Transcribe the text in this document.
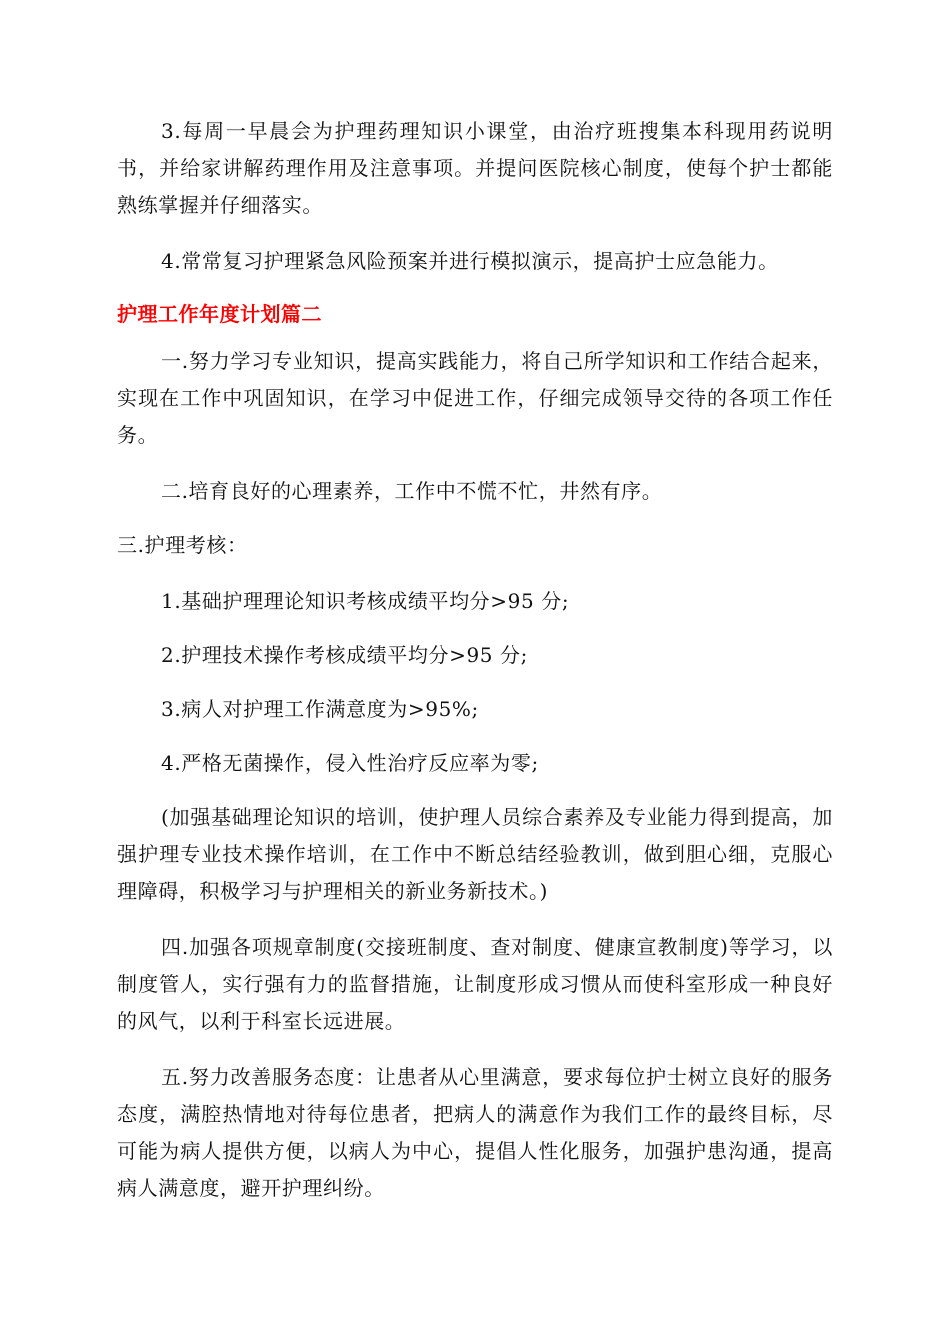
3.每周一早晨会为护理药理知识小课堂，由治疗班搜集本科现用药说明书，并给家讲解药理作用及注意事项。并提问医院核心制度，使每个护士都能熟练掌握并仔细落实。

4.常常复习护理紧急风险预案并进行模拟演示，提高护士应急能力。

护理工作年度计划篇二

一.努力学习专业知识，提高实践能力，将自己所学知识和工作结合起来，实现在工作中巩固知识，在学习中促进工作，仔细完成领导交待的各项工作任务。

二.培育良好的心理素养，工作中不慌不忙，井然有序。

三.护理考核：

1.基础护理理论知识考核成绩平均分>95 分;

2.护理技术操作考核成绩平均分>95 分;

3.病人对护理工作满意度为>95%;

4.严格无菌操作，侵入性治疗反应率为零;

(加强基础理论知识的培训，使护理人员综合素养及专业能力得到提高，加强护理专业技术操作培训，在工作中不断总结经验教训，做到胆心细，克服心理障碍，积极学习与护理相关的新业务新技术。)

四.加强各项规章制度(交接班制度、查对制度、健康宣教制度)等学习，以制度管人，实行强有力的监督措施，让制度形成习惯从而使科室形成一种良好的风气，以利于科室长远进展。

五.努力改善服务态度：让患者从心里满意，要求每位护士树立良好的服务态度，满腔热情地对待每位患者，把病人的满意作为我们工作的最终目标，尽可能为病人提供方便，以病人为中心，提倡人性化服务，加强护患沟通，提高病人满意度，避开护理纠纷。
